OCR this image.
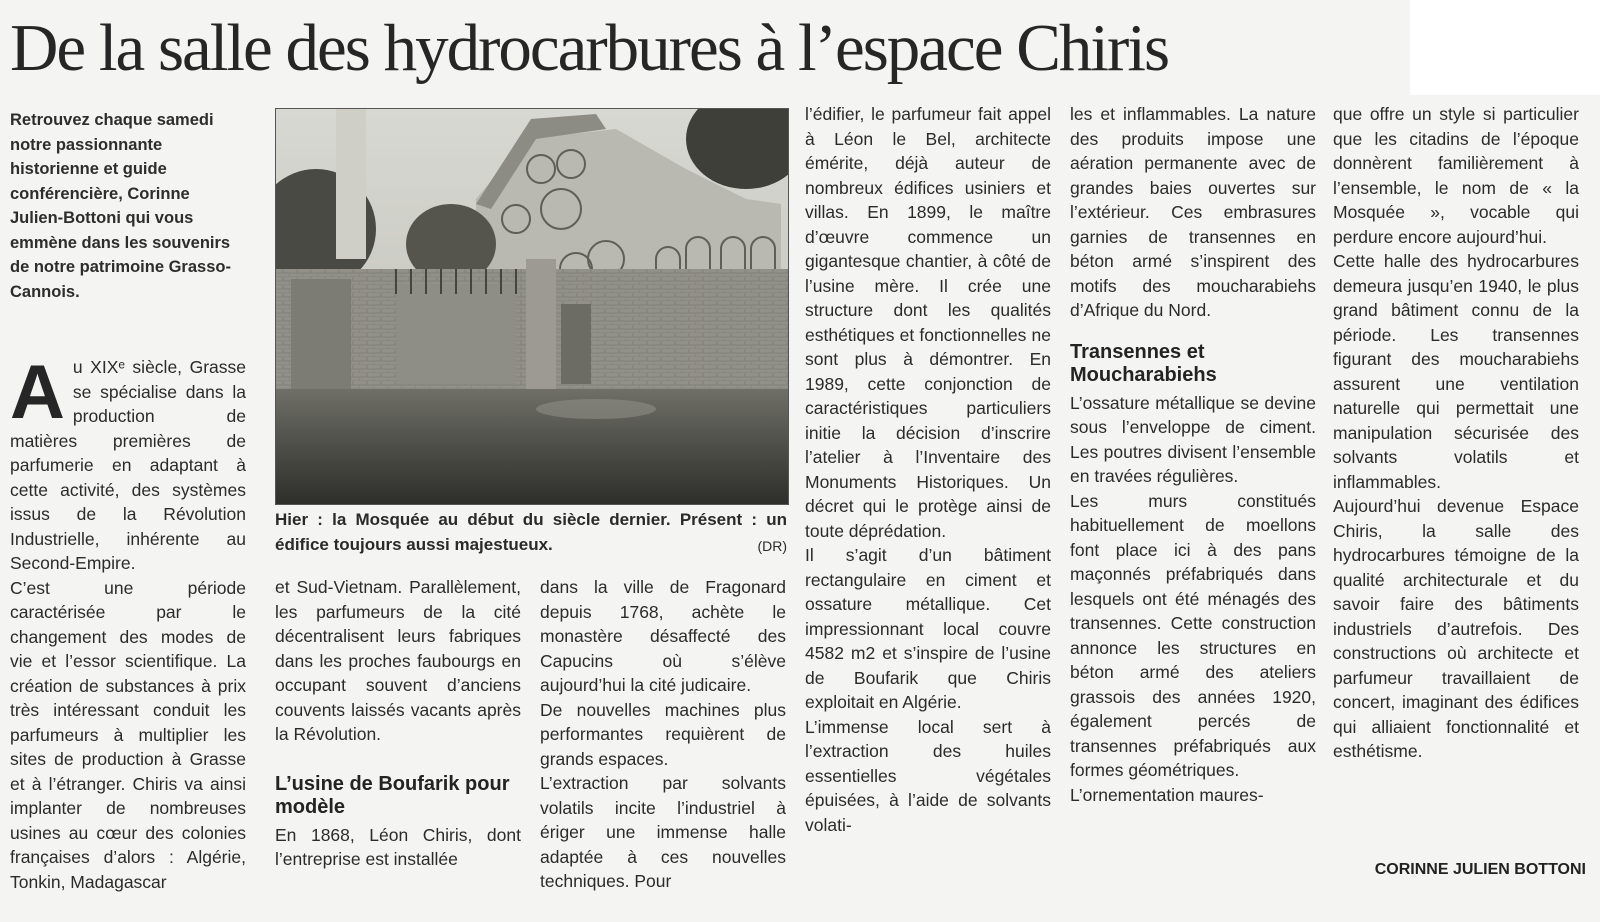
De la salle des hydrocarbures à l’espace Chiris
Retrouvez chaque samedi notre passionnante historienne et guide conférencière, Corinne Julien-Bottoni qui vous emmène dans les souvenirs de notre patrimoine Grasso-Cannois.

Au XIXᵉ siècle, Grasse se spécialise dans la production de matières premières de parfumerie en adaptant à cette activité, des systèmes issus de la Révolution Industrielle, inhérente au Second-Empire.

C’est une période caractérisée par le changement des modes de vie et l’essor scientifique. La création de substances à prix très intéressant conduit les parfumeurs à multiplier les sites de production à Grasse et à l’étranger. Chiris va ainsi implanter de nombreuses usines au cœur des colonies françaises d’alors : Algérie, Tonkin, Madagascar

Hier : la Mosquée au début du siècle dernier. Présent : un édifice toujours aussi majestueux.	(DR)

et Sud-Vietnam. Parallèlement, les parfumeurs de la cité décentralisent leurs fabriques dans les proches faubourgs en occupant souvent d’anciens couvents laissés vacants après la Révolution.

L’usine de Boufarik pour modèle

En 1868, Léon Chiris, dont l’entreprise est installée

dans la ville de Fragonard depuis 1768, achète le monastère désaffecté des Capucins où s’élève aujourd’hui la cité judicaire.

De nouvelles machines plus performantes requièrent de grands espaces.

L’extraction par solvants volatils incite l’industriel à ériger une immense halle adaptée à ces nouvelles techniques. Pour

l’édifier, le parfumeur fait appel à Léon le Bel, architecte émérite, déjà auteur de nombreux édifices usiniers et villas. En 1899, le maître d’œuvre commence un gigantesque chantier, à côté de l’usine mère. Il crée une structure dont les qualités esthétiques et fonctionnelles ne sont plus à démontrer. En 1989, cette conjonction de caractéristiques particuliers initie la décision d’inscrire l’atelier à l’Inventaire des Monuments Historiques. Un décret qui le protège ainsi de toute déprédation.

Il s’agit d’un bâtiment rectangulaire en ciment et ossature métallique. Cet impressionnant local couvre 4582 m2 et s’inspire de l’usine de Boufarik que Chiris exploitait en Algérie.

L’immense local sert à l’extraction des huiles essentielles végétales épuisées, à l’aide de solvants volati-

les et inflammables. La nature des produits impose une aération permanente avec de grandes baies ouvertes sur l’extérieur. Ces embrasures garnies de transennes en béton armé s’inspirent des motifs des moucharabiehs d’Afrique du Nord.

Transennes et Moucharabiehs

L’ossature métallique se devine sous l’enveloppe de ciment. Les poutres divisent l’ensemble en travées régulières.

Les murs constitués habituellement de moellons font place ici à des pans maçonnés préfabriqués dans lesquels ont été ménagés des transennes. Cette construction annonce les structures en béton armé des ateliers grassois des années 1920, également percés de transennes préfabriqués aux formes géométriques.

L’ornementation maures-

que offre un style si particulier que les citadins de l’époque donnèrent familièrement à l’ensemble, le nom de « la Mosquée », vocable qui perdure encore aujourd’hui.

Cette halle des hydrocarbures demeura jusqu’en 1940, le plus grand bâtiment connu de la période. Les transennes figurant des moucharabiehs assurent une ventilation naturelle qui permettait une manipulation sécurisée des solvants volatils et inflammables.

Aujourd’hui devenue Espace Chiris, la salle des hydrocarbures témoigne de la qualité architecturale et du savoir faire des bâtiments industriels d’autrefois. Des constructions où architecte et parfumeur travaillaient de concert, imaginant des édifices qui alliaient fonctionnalité et esthétisme.

CORINNE JULIEN BOTTONI
